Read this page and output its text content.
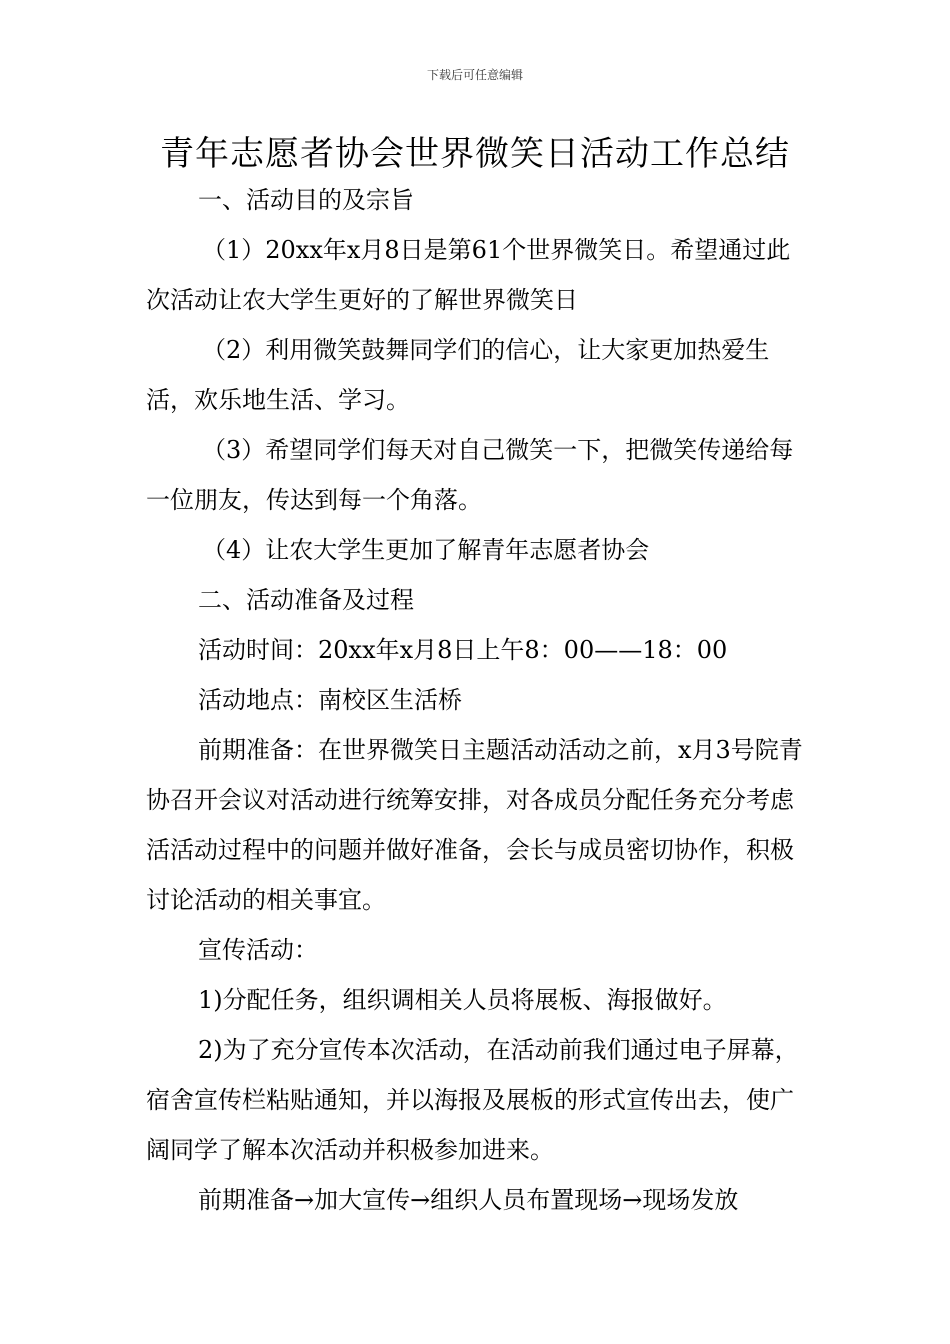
下载后可任意编辑
青年志愿者协会世界微笑日活动工作总结

一、活动目的及宗旨

（1）20xx年x月8日是第61个世界微笑日。希望通过此次活动让农大学生更好的了解世界微笑日

（2）利用微笑鼓舞同学们的信心，让大家更加热爱生活，欢乐地生活、学习。

（3）希望同学们每天对自己微笑一下，把微笑传递给每一位朋友，传达到每一个角落。

（4）让农大学生更加了解青年志愿者协会

二、活动准备及过程

活动时间：20xx年x月8日上午8：00——18：00

活动地点：南校区生活桥

前期准备：在世界微笑日主题活动活动之前，x月3号院青协召开会议对活动进行统筹安排，对各成员分配任务充分考虑活活动过程中的问题并做好准备，会长与成员密切协作，积极讨论活动的相关事宜。

宣传活动：

1)分配任务，组织调相关人员将展板、海报做好。

2)为了充分宣传本次活动，在活动前我们通过电子屏幕，宿舍宣传栏粘贴通知，并以海报及展板的形式宣传出去，使广阔同学了解本次活动并积极参加进来。

前期准备→加大宣传→组织人员布置现场→现场发放
